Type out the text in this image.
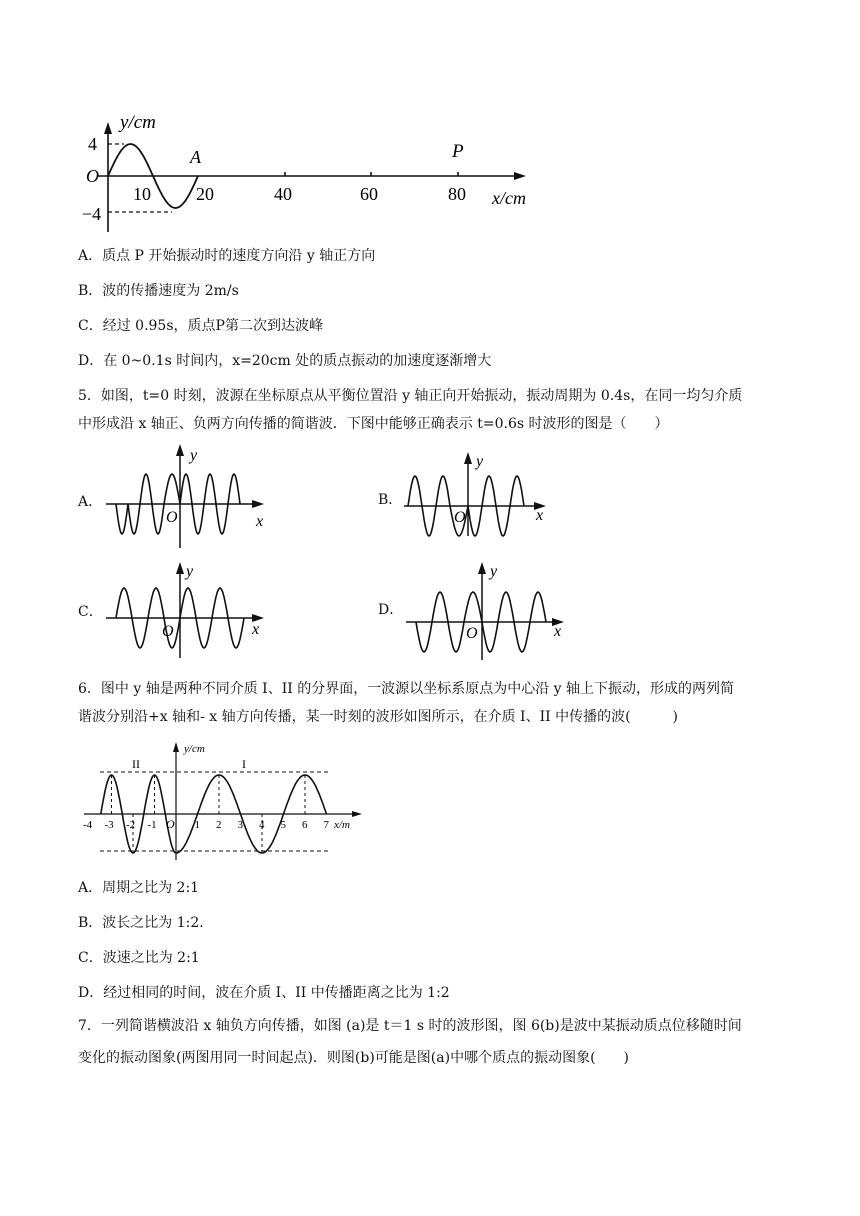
y/cm
4
O
−4
10
A
20	40	60
P
80 x/cm
A．质点 P 开始振动时的速度方向沿 y 轴正方向
B．波的传播速度为 2m/s
C．经过 0.95s，质点P第二次到达波峰
D．在 0~0.1s 时间内，x=20cm 处的质点振动的加速度逐渐增大
5．如图，t=0 时刻，波源在坐标原点从平衡位置沿 y 轴正向开始振动，振动周期为 0.4s，在同一均匀介质
中形成沿 x 轴正、负两方向传播的简谐波．下图中能够正确表示 t=0.6s 时波形的图是（　　）
A．
y
O	x
B．
y
O	x
C．
y
O	x
D．
y
O	x
6．图中 y 轴是两种不同介质 I、II 的分界面，一波源以坐标系原点为中心沿 y 轴上下振动，形成的两列简
谐波分别沿+x 轴和- x 轴方向传播，某一时刻的波形如图所示，在介质 I、II 中传播的波(　　　)
y/cm
II	I
O	x/m
-4 -3 -2 -1	1 2 3 4 5 6 7
A．周期之比为 2:1
B．波长之比为 1:2.
C．波速之比为 2:1
D．经过相同的时间，波在介质 I、II 中传播距离之比为 1:2
7．一列简谐横波沿 x 轴负方向传播，如图 (a)是 t＝1 s 时的波形图，图 6(b)是波中某振动质点位移随时间
变化的振动图象(两图用同一时间起点)．则图(b)可能是图(a)中哪个质点的振动图象(　　)
